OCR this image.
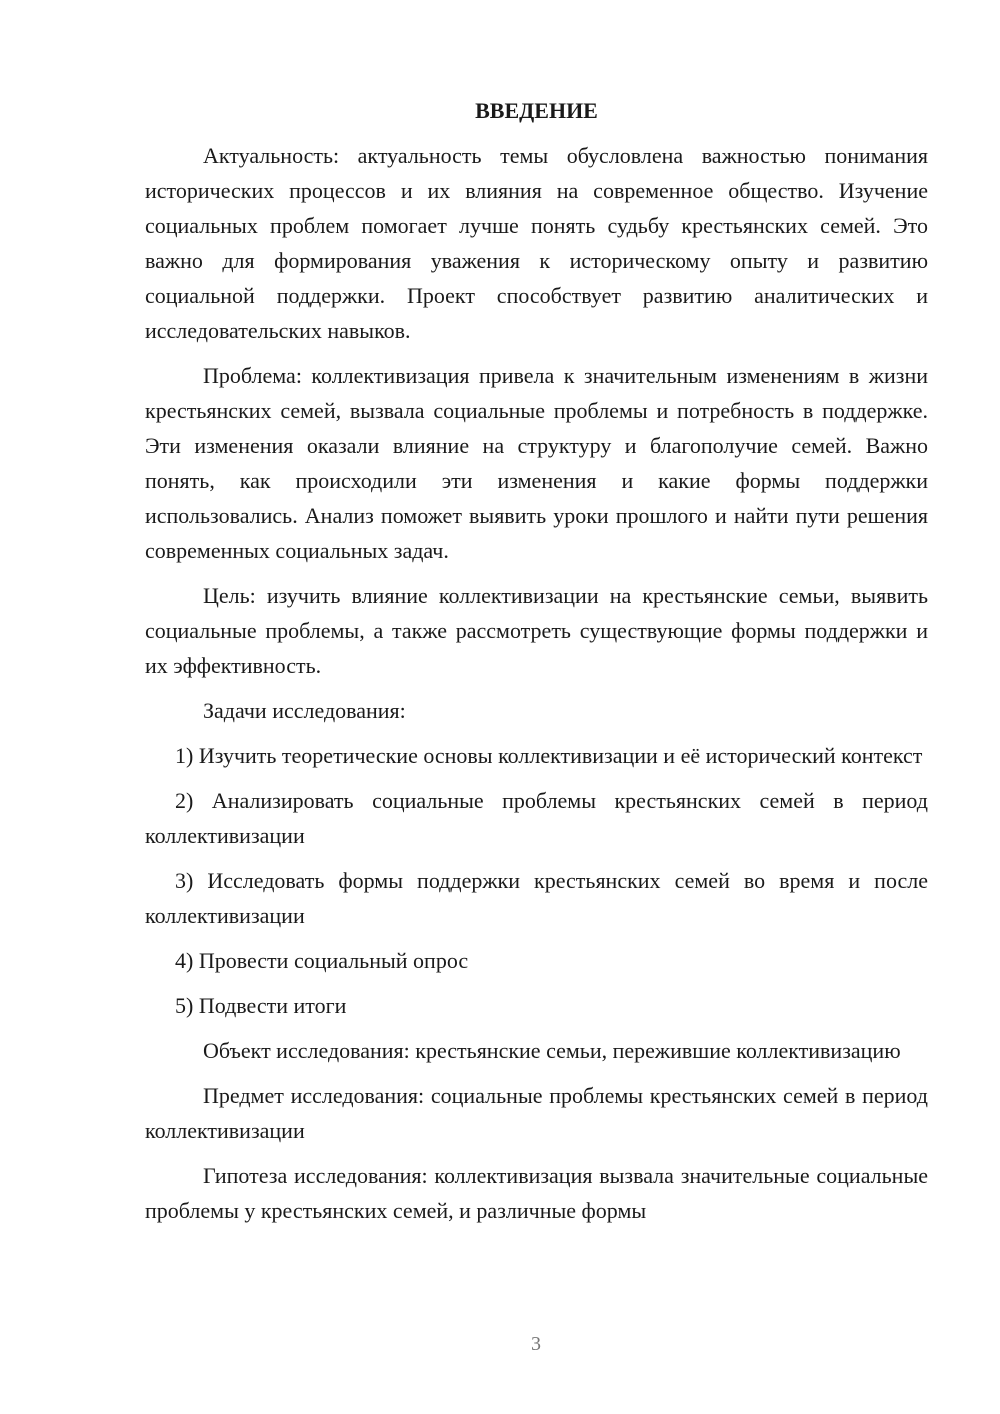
ВВЕДЕНИЕ

Актуальность: актуальность темы обусловлена важностью понимания исторических процессов и их влияния на современное общество. Изучение социальных проблем помогает лучше понять судьбу крестьянских семей. Это важно для формирования уважения к историческому опыту и развитию социальной поддержки. Проект способствует развитию аналитических и исследовательских навыков.

Проблема: коллективизация привела к значительным изменениям в жизни крестьянских семей, вызвала социальные проблемы и потребность в поддержке. Эти изменения оказали влияние на структуру и благополучие семей. Важно понять, как происходили эти изменения и какие формы поддержки использовались. Анализ поможет выявить уроки прошлого и найти пути решения современных социальных задач.

Цель: изучить влияние коллективизации на крестьянские семьи, выявить социальные проблемы, а также рассмотреть существующие формы поддержки и их эффективность.

Задачи исследования:

1) Изучить теоретические основы коллективизации и её исторический контекст

2) Анализировать социальные проблемы крестьянских семей в период коллективизации

3) Исследовать формы поддержки крестьянских семей во время и после коллективизации

4) Провести социальный опрос

5) Подвести итоги

Объект исследования: крестьянские семьи, пережившие коллективизацию

Предмет исследования: социальные проблемы крестьянских семей в период коллективизации

Гипотеза исследования: коллективизация вызвала значительные социальные проблемы у крестьянских семей, и различные формы

3
